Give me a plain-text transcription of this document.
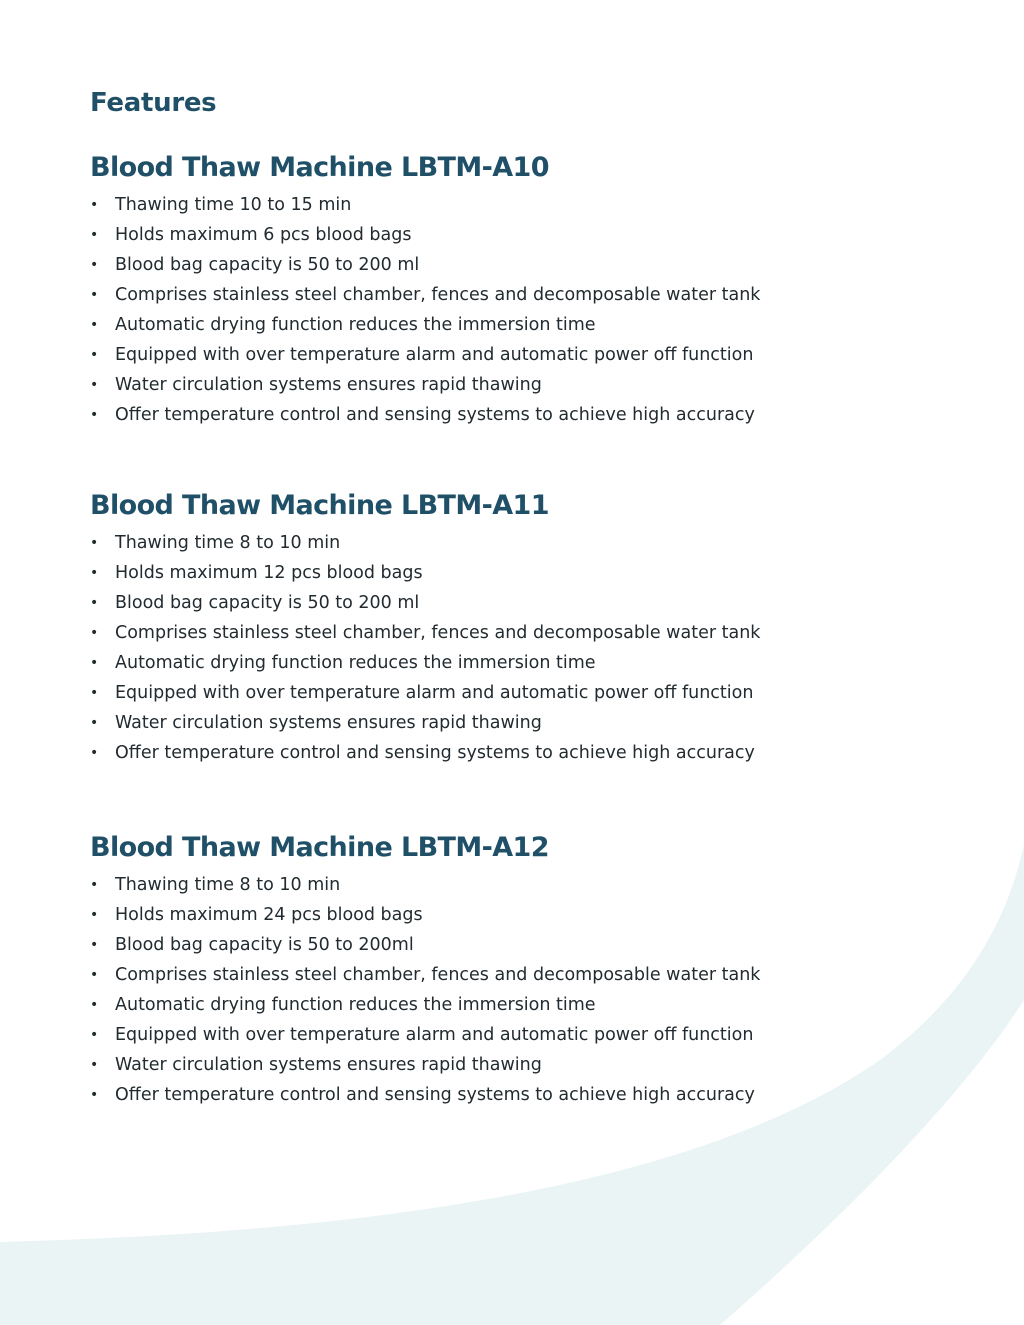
Features
Blood Thaw Machine LBTM-A10
• Thawing time 10 to 15 min
• Holds maximum 6 pcs blood bags
• Blood bag capacity is 50 to 200 ml
• Comprises stainless steel chamber, fences and decomposable water tank
• Automatic drying function reduces the immersion time
• Equipped with over temperature alarm and automatic power off function
• Water circulation systems ensures rapid thawing
• Offer temperature control and sensing systems to achieve high accuracy
Blood Thaw Machine LBTM-A11
• Thawing time 8 to 10 min
• Holds maximum 12 pcs blood bags
• Blood bag capacity is 50 to 200 ml
• Comprises stainless steel chamber, fences and decomposable water tank
• Automatic drying function reduces the immersion time
• Equipped with over temperature alarm and automatic power off function
• Water circulation systems ensures rapid thawing
• Offer temperature control and sensing systems to achieve high accuracy
Blood Thaw Machine LBTM-A12
• Thawing time 8 to 10 min
• Holds maximum 24 pcs blood bags
• Blood bag capacity is 50 to 200ml
• Comprises stainless steel chamber, fences and decomposable water tank
• Automatic drying function reduces the immersion time
• Equipped with over temperature alarm and automatic power off function
• Water circulation systems ensures rapid thawing
• Offer temperature control and sensing systems to achieve high accuracy
